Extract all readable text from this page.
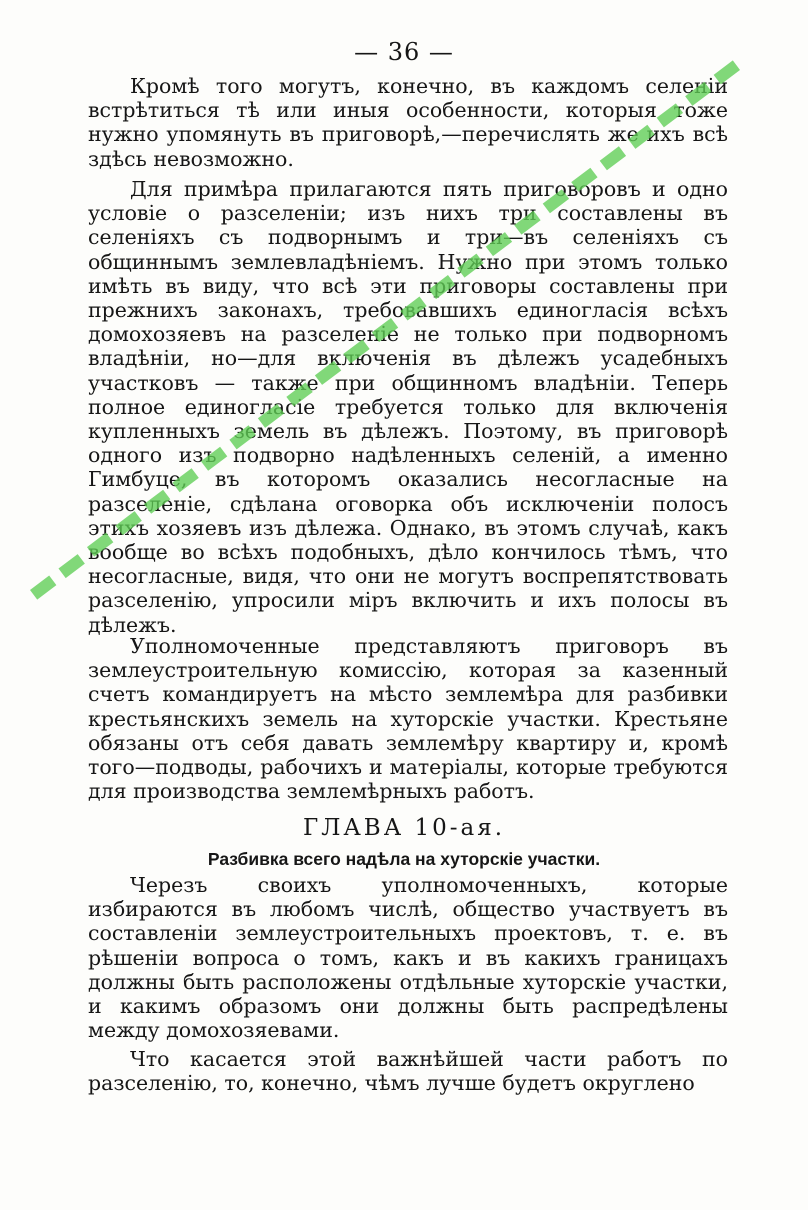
— 36 —

Кромѣ того могутъ, конечно, въ каждомъ селеніи встрѣтиться тѣ или иныя особенности, которыя тоже нужно упомянуть въ приговорѣ,—перечислять же ихъ всѣ здѣсь невозможно.

Для примѣра прилагаются пять приговоровъ и одно условіе о разселеніи; изъ нихъ три составлены въ селеніяхъ съ подворнымъ и три—въ селеніяхъ съ общиннымъ землевладѣніемъ. Нужно при этомъ только имѣть въ виду, что всѣ эти приговоры составлены при прежнихъ законахъ, требовавшихъ единогласія всѣхъ домохозяевъ на разселеніе не только при подворномъ владѣніи, но—для включенія въ дѣлежъ усадебныхъ участковъ — также при общинномъ владѣніи. Теперь полное единогласіе требуется только для включенія купленныхъ земель въ дѣлежъ. Поэтому, въ приговорѣ одного изъ подворно надѣленныхъ селеній, а именно Гимбуце, въ которомъ оказались несогласные на разселеніе, сдѣлана оговорка объ исключеніи полосъ этихъ хозяевъ изъ дѣлежа. Однако, въ этомъ случаѣ, какъ вообще во всѣхъ подобныхъ, дѣло кончилось тѣмъ, что несогласные, видя, что они не могутъ воспрепятствовать разселенію, упросили міръ включить и ихъ полосы въ дѣлежъ.

Уполномоченные представляютъ приговоръ въ землеустроительную комиссію, которая за казенный счетъ командируетъ на мѣсто землемѣра для разбивки крестьянскихъ земель на хуторскіе участки. Крестьяне обязаны отъ себя давать землемѣру квартиру и, кромѣ того—подводы, рабочихъ и матеріалы, которые требуются для производства землемѣрныхъ работъ.

ГЛАВА 10-ая.
Разбивка всего надѣла на хуторскіе участки.

Черезъ своихъ уполномоченныхъ, которые избираются въ любомъ числѣ, общество участвуетъ въ составленіи землеустроительныхъ проектовъ, т. е. въ рѣшеніи вопроса о томъ, какъ и въ какихъ границахъ должны быть расположены отдѣльные хуторскіе участки, и какимъ образомъ они должны быть распредѣлены между домохозяевами.

Что касается этой важнѣйшей части работъ по разселенію, то, конечно, чѣмъ лучше будетъ округлено
